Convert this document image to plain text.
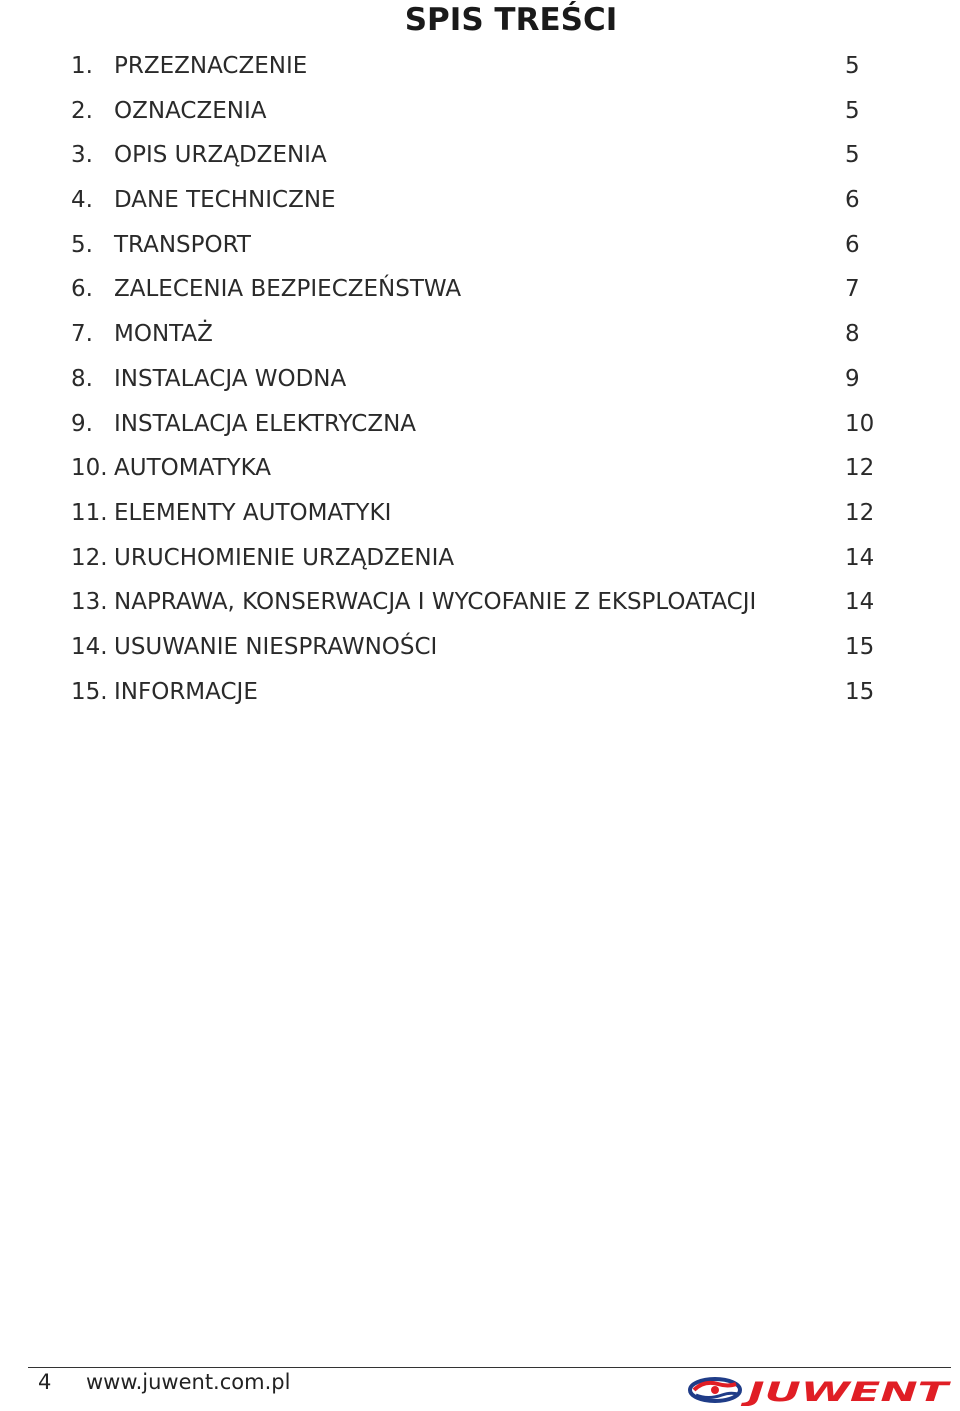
SPIS TREŚCI
1. PRZEZNACZENIE	5
2. OZNACZENIA	5
3. OPIS URZĄDZENIA	5
4. DANE TECHNICZNE	6
5. TRANSPORT	6
6. ZALECENIA BEZPIECZEŃSTWA	7
7. MONTAŻ	8
8. INSTALACJA WODNA	9
9. INSTALACJA ELEKTRYCZNA	10
10. AUTOMATYKA	12
11. ELEMENTY AUTOMATYKI	12
12. URUCHOMIENIE URZĄDZENIA	14
13. NAPRAWA, KONSERWACJA I WYCOFANIE Z EKSPLOATACJI	14
14. USUWANIE NIESPRAWNOŚCI	15
15. INFORMACJE	15
4 www.juwent.com.pl	JUWENT
